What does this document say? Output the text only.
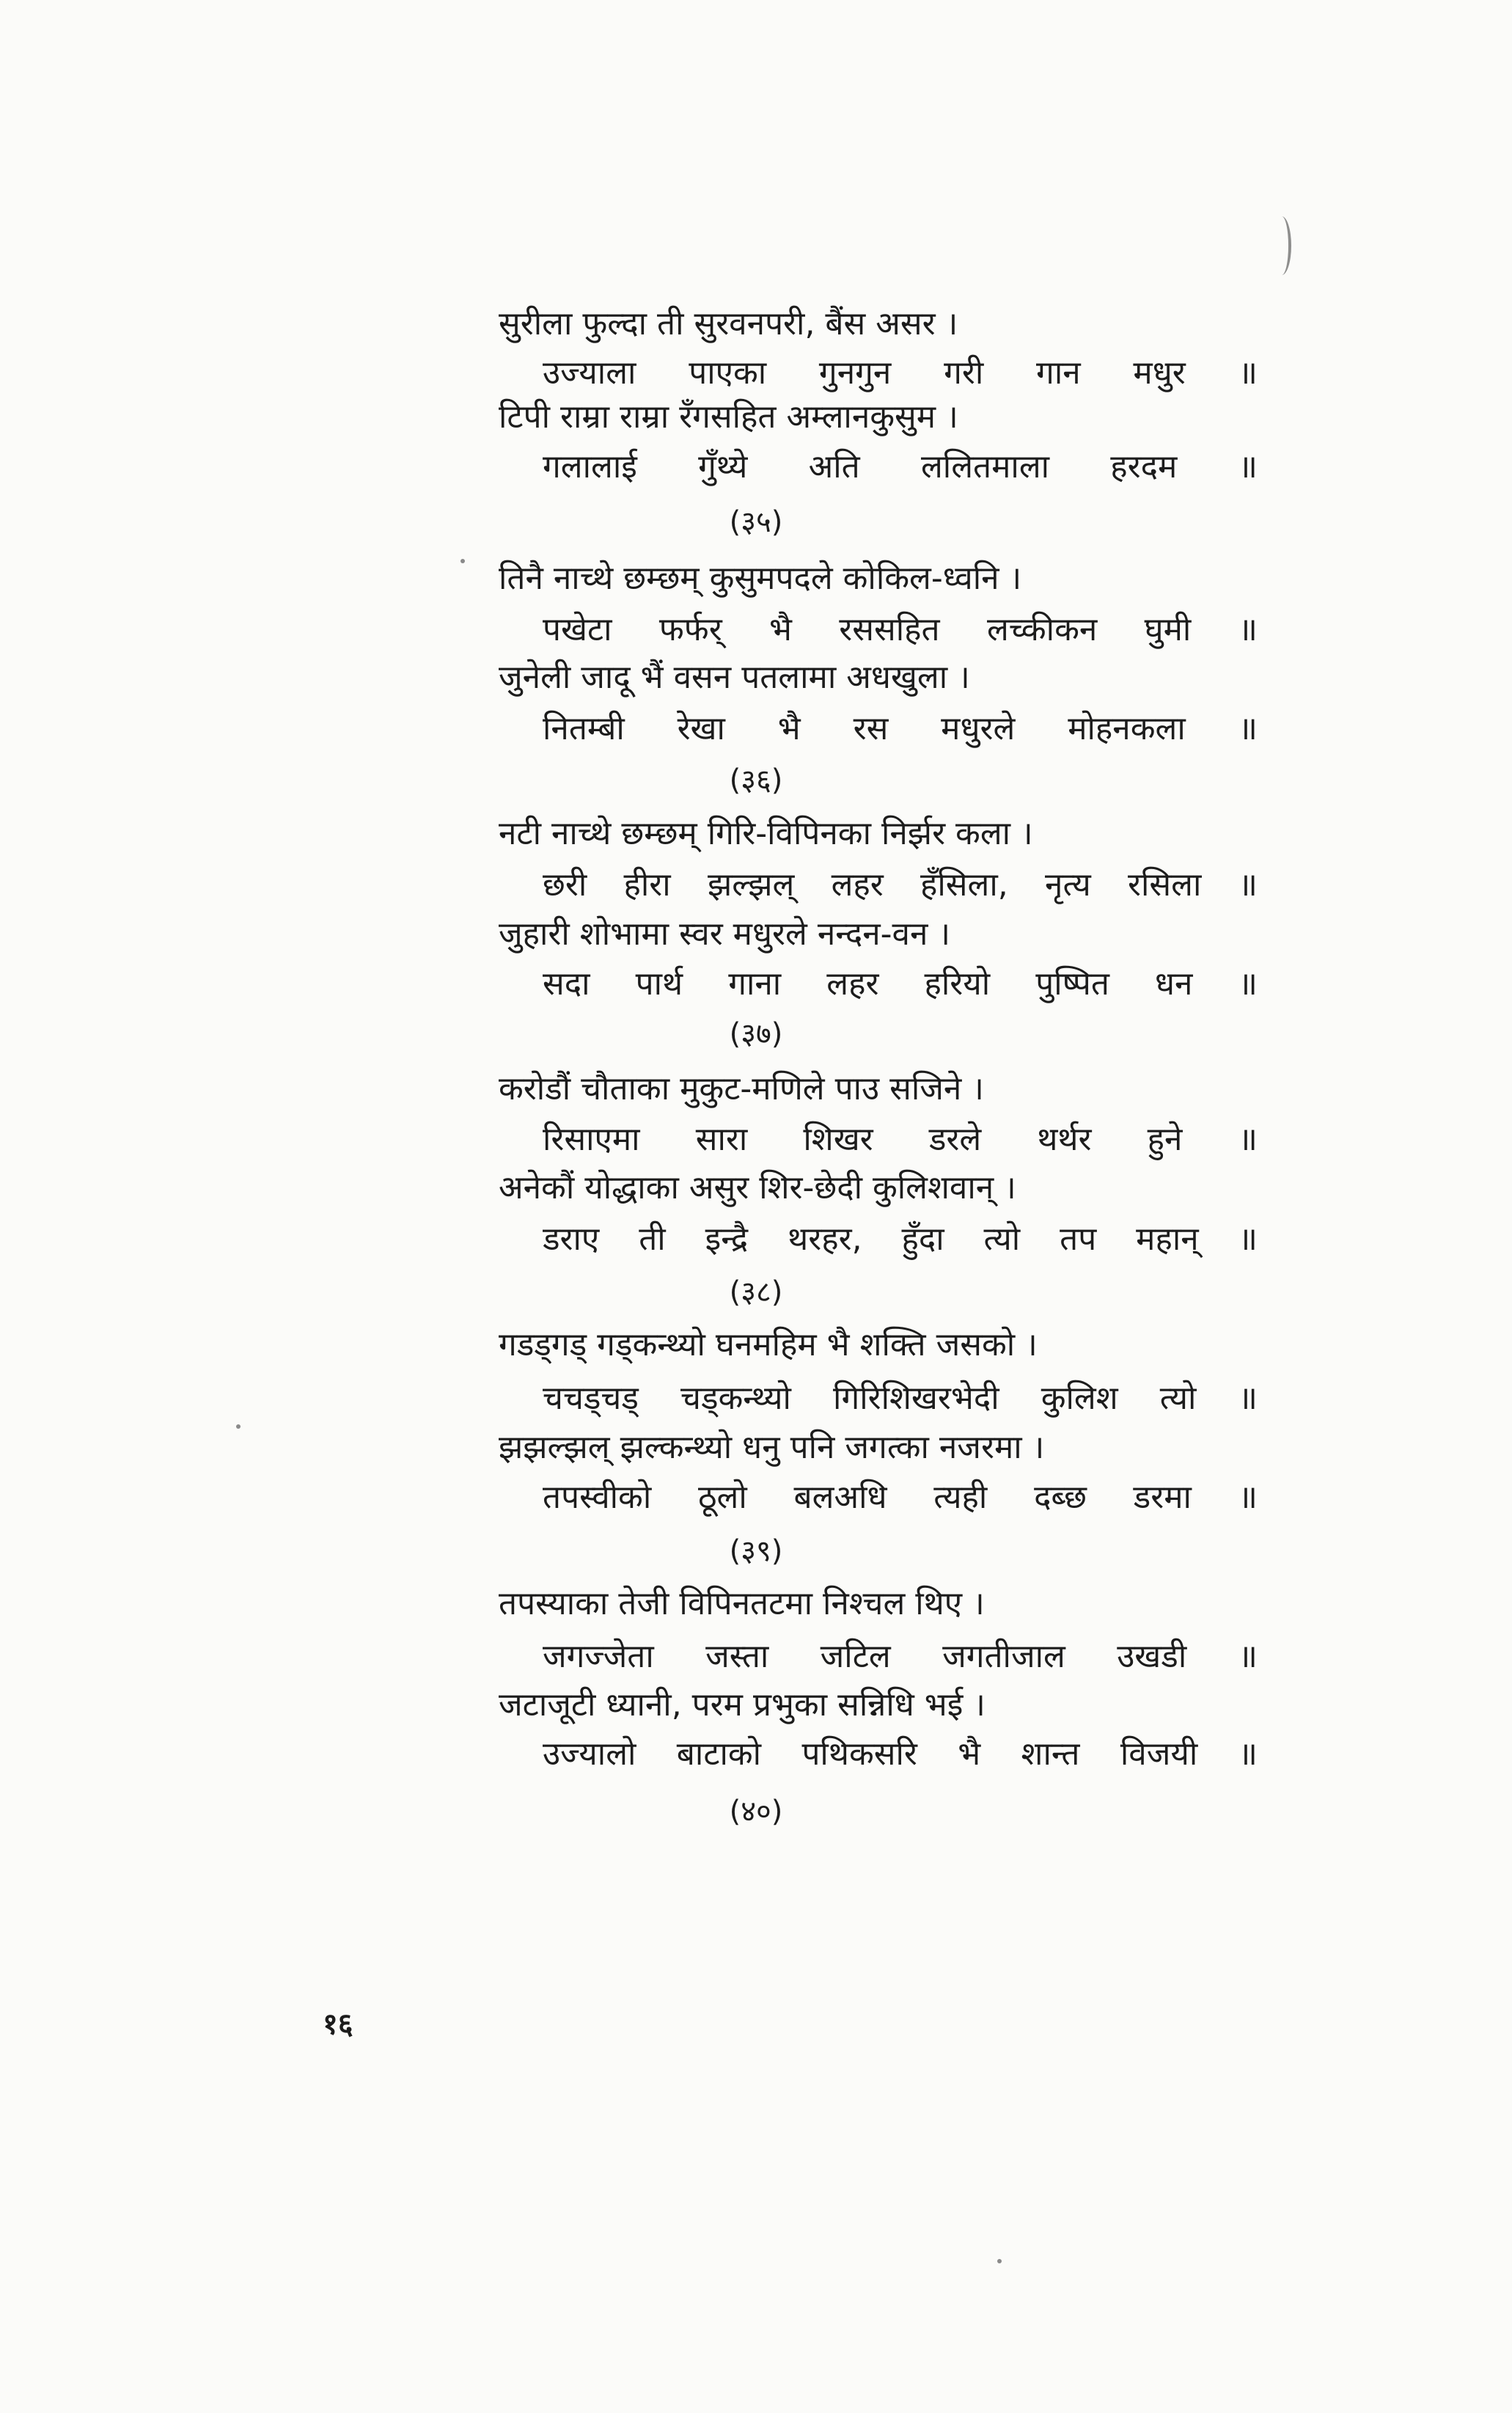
सुरीला फुल्दा ती सुरवनपरी, बैंस असर ।
उज्याला पाएका गुनगुन गरी गान मधुर ॥
टिपी राम्रा राम्रा रँगसहित अम्लानकुसुम ।
गलालाई गुँथ्ये अति ललितमाला हरदम ॥
(३५)
तिनै नाच्थे छम्छम् कुसुमपदले कोकिल-ध्वनि ।
पखेटा फर्फर् भै रससहित लच्कीकन घुमी ॥
जुनेली जादू भैं वसन पतलामा अधखुला ।
नितम्बी रेखा भै रस मधुरले मोहनकला ॥
(३६)
नटी नाच्थे छम्छम् गिरि-विपिनका निर्झर कला ।
छरी हीरा झल्झल् लहर हँसिला, नृत्य रसिला ॥
जुहारी शोभामा स्वर मधुरले नन्दन-वन ।
सदा पार्थ गाना लहर हरियो पुष्पित धन ॥
(३७)
करोडौं चौताका मुकुट-मणिले पाउ सजिने ।
रिसाएमा सारा शिखर डरले थर्थर हुने ॥
अनेकौं योद्धाका असुर शिर-छेदी कुलिशवान् ।
डराए ती इन्द्रै थरहर, हुँदा त्यो तप महान् ॥
(३८)
गडड्गड् गड्कन्थ्यो घनमहिम भै शक्ति जसको ।
चचड्चड् चड्कन्थ्यो गिरिशिखरभेदी कुलिश त्यो ॥
झझल्झल् झल्कन्थ्यो धनु पनि जगत्का नजरमा ।
तपस्वीको ठूलो बलअधि त्यही दब्छ डरमा ॥
(३९)
तपस्याका तेजी विपिनतटमा निश्चल थिए ।
जगज्जेता जस्ता जटिल जगतीजाल उखडी ॥
जटाजूटी ध्यानी, परम प्रभुका सन्निधि भई ।
उज्यालो बाटाको पथिकसरि भै शान्त विजयी ॥
(४०)
१६
